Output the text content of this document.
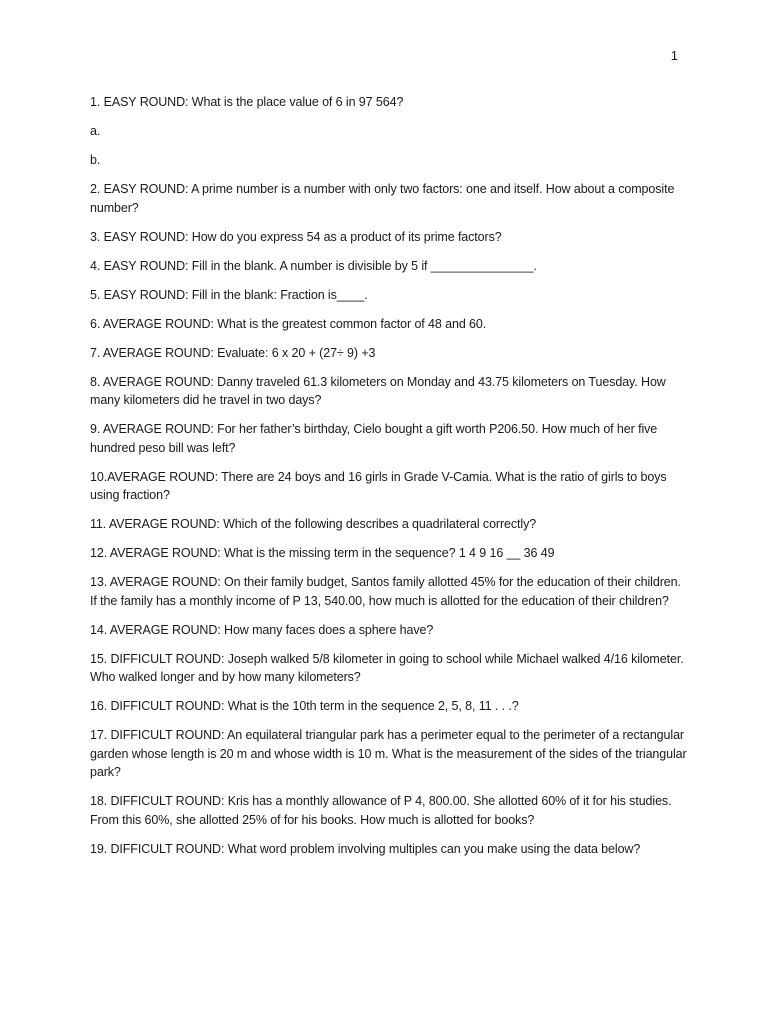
1

1. EASY ROUND: What is the place value of 6 in 97 564?

a.

b.

2. EASY ROUND: A prime number is a number with only two factors: one and itself. How about a composite number?

3. EASY ROUND: How do you express 54 as a product of its prime factors?

4. EASY ROUND: Fill in the blank. A number is divisible by 5 if _______________.

5. EASY ROUND: Fill in the blank: Fraction is____.

6. AVERAGE ROUND: What is the greatest common factor of 48 and 60.

7. AVERAGE ROUND: Evaluate: 6 x 20 + (27÷ 9) +3

8. AVERAGE ROUND: Danny traveled 61.3 kilometers on Monday and 43.75 kilometers on Tuesday. How many kilometers did he travel in two days?

9. AVERAGE ROUND: For her father’s birthday, Cielo bought a gift worth P206.50. How much of her five hundred peso bill was left?

10.AVERAGE ROUND: There are 24 boys and 16 girls in Grade V-Camia. What is the ratio of girls to boys using fraction?

11. AVERAGE ROUND: Which of the following describes a quadrilateral correctly?

12. AVERAGE ROUND: What is the missing term in the sequence? 1 4 9 16 __ 36 49

13. AVERAGE ROUND: On their family budget, Santos family allotted 45% for the education of their children. If the family has a monthly income of P 13, 540.00, how much is allotted for the education of their children?

14. AVERAGE ROUND: How many faces does a sphere have?

15. DIFFICULT ROUND: Joseph walked 5/8 kilometer in going to school while Michael walked 4/16 kilometer. Who walked longer and by how many kilometers?

16. DIFFICULT ROUND: What is the 10th term in the sequence 2, 5, 8, 11 . . .?

17. DIFFICULT ROUND: An equilateral triangular park has a perimeter equal to the perimeter of a rectangular garden whose length is 20 m and whose width is 10 m. What is the measurement of the sides of the triangular park?

18. DIFFICULT ROUND: Kris has a monthly allowance of P 4, 800.00. She allotted 60% of it for his studies. From this 60%, she allotted 25% of for his books. How much is allotted for books?

19. DIFFICULT ROUND: What word problem involving multiples can you make using the data below?
